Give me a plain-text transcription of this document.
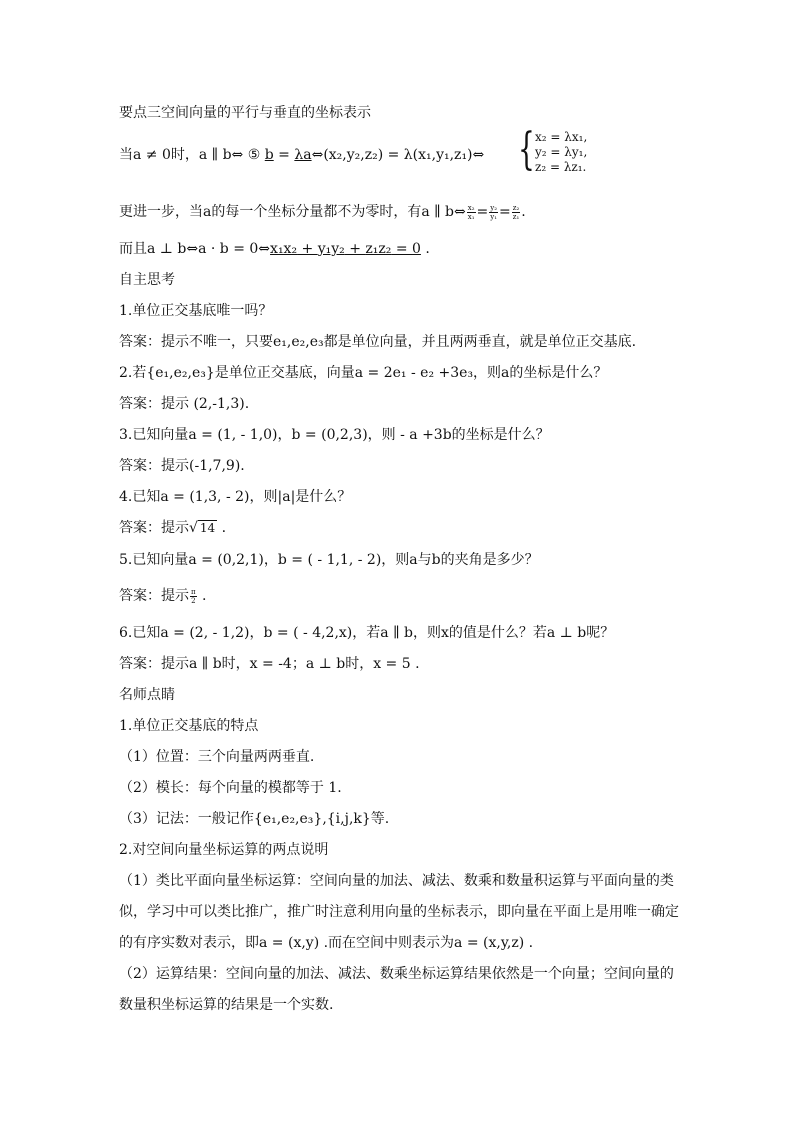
要点三空间向量的平行与垂直的坐标表示
当a ≠ 0时，a ∥ b⇔ ⑤ b = λa⇔(x₂,y₂,z₂) = λ(x₁,y₁,z₁)⇔ { x₂ = λx₁,
y₂ = λy₁,
z₂ = λz₁.
更进一步，当a的每一个坐标分量都不为零时，有a ∥ b⇔ $\frac{\text{x₂}}{\text{x₁}} = \frac{\text{y₂}}{\text{y₁}} = \frac{\text{z₂}}{\text{z₁}}$ .
而且a ⊥ b⇔a · b = 0⇔x₁x₂ + y₁y₂ + z₁z₂ = 0 .
自主思考
1.单位正交基底唯一吗？
答案：提示不唯一，只要e₁,e₂,e₃都是单位向量，并且两两垂直，就是单位正交基底.
2.若{e₁,e₂,e₃}是单位正交基底，向量a = 2e₁ - e₂ +3e₃，则a的坐标是什么？
答案：提示 (2,-1,3).
3.已知向量a = (1, - 1,0)，b = (0,2,3)，则 - a +3b的坐标是什么？
答案：提示(-1,7,9).
4.已知a = (1,3, - 2)，则|a|是什么？
答案：提示√ 14 .
5.已知向量a = (0,2,1)，b = ( - 1,1, - 2)，则a与b的夹角是多少？
答案：提示 $\frac{\pi}{2}$ .
6.已知a = (2, - 1,2)，b = ( - 4,2,x)，若a ∥ b，则x的值是什么？若a ⊥ b呢？
答案：提示a ∥ b时，x = -4；a ⊥ b时，x = 5 .
名师点睛
1.单位正交基底的特点
（1）位置：三个向量两两垂直.
（2）模长：每个向量的模都等于 1.
（3）记法：一般记作{e₁,e₂,e₃},{i,j,k}等.
2.对空间向量坐标运算的两点说明
（1）类比平面向量坐标运算：空间向量的加法、减法、数乘和数量积运算与平面向量的类
似，学习中可以类比推广，推广时注意利用向量的坐标表示，即向量在平面上是用唯一确定
的有序实数对表示，即a = (x,y) .而在空间中则表示为a = (x,y,z) .
（2）运算结果：空间向量的加法、减法、数乘坐标运算结果依然是一个向量；空间向量的
数量积坐标运算的结果是一个实数.
